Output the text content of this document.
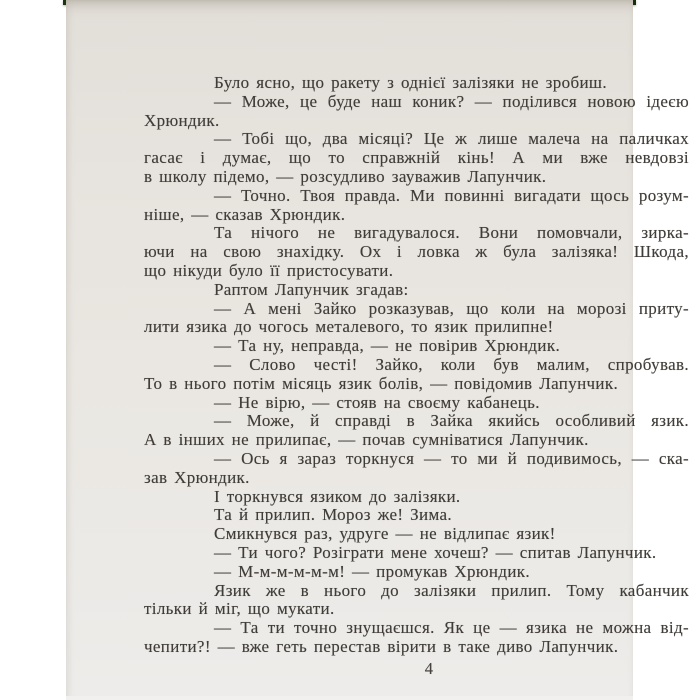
Було ясно, що ракету з однієї залізяки не зробиш.
— Може, це буде наш коник? — поділився новою ідеєю
Хрюндик.
— Тобі що, два місяці? Це ж лише малеча на паличках
гасає і думає, що то справжній кінь! А ми вже невдовзі
в школу підемо, — розсудливо зауважив Лапунчик.
— Точно. Твоя правда. Ми повинні вигадати щось розум-
ніше, — сказав Хрюндик.
Та нічого не вигадувалося. Вони помовчали, зирка-
ючи на свою знахідку. Ох і ловка ж була залізяка! Шкода,
що нікуди було її пристосувати.
Раптом Лапунчик згадав:
— А мені Зайко розказував, що коли на морозі приту-
лити язика до чогось металевого, то язик прилипне!
— Та ну, неправда, — не повірив Хрюндик.
— Слово честі! Зайко, коли був малим, спробував.
То в нього потім місяць язик болів, — повідомив Лапунчик.
— Не вірю, — стояв на своєму кабанець.
— Може, й справді в Зайка якийсь особливий язик.
А в інших не прилипає, — почав сумніватися Лапунчик.
— Ось я зараз торкнуся — то ми й подивимось, — ска-
зав Хрюндик.
І торкнувся язиком до залізяки.
Та й прилип. Мороз же! Зима.
Смикнувся раз, удруге — не відлипає язик!
— Ти чого? Розіграти мене хочеш? — спитав Лапунчик.
— М-м-м-м-м-м! — промукав Хрюндик.
Язик же в нього до залізяки прилип. Тому кабанчик
тільки й міг, що мукати.
— Та ти точно знущаєшся. Як це — язика не можна від-
чепити?! — вже геть перестав вірити в таке диво Лапунчик.
4
